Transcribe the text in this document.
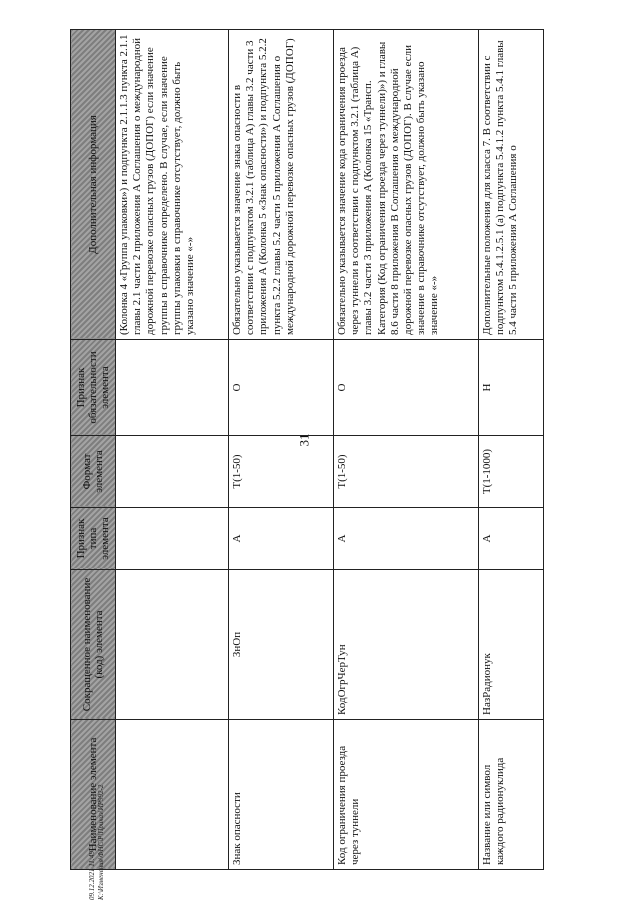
31
Наименование элемента	Сокращенное наименование (код) элемента	Признак типа элемента	Формат элемента	Признак обязательности элемента	Дополнительная информация
					(Колонка 4 «Группа упаковки») и подпункта 2.1.1.3 пункта 2.1.1 главы 2.1 части 2 приложения А Соглашения о международной дорожной перевозке опасных грузов (ДОПОГ) если значение группы в справочнике определено. В случае, если значение группы упаковки в справочнике отсутствует, должно быть указано значение «-»
Знак опасности	ЗнОп	А	Т(1-50)	О	Обязательно указывается значение знака опасности в соответствии с подпунктом 3.2.1 (таблица А) главы 3.2 части 3 приложения А (Колонка 5 «Знак опасности») и подпункта 5.2.2 пункта 5.2.2 главы 5.2 части 5 приложения А Соглашения о международной дорожной перевозке опасных грузов (ДОПОГ)
Код ограничения проезда через туннели	КодОгрЧерТун	А	Т(1-50)	О	Обязательно указывается значение кода ограничения проезда через туннели в соответствии с подпунктом 3.2.1 (таблица А) главы 3.2 части 3 приложения А (Колонка 15 «Трансп. Категория (Код ограничения проезда через туннели)») и главы 8.6 части 8 приложения В Соглашения о международной дорожной перевозке опасных грузов (ДОПОГ). В случае если значение в справочнике отсутствует, должно быть указано значение «-»
Название или символ каждого радионуклида	НазРадионук	А	Т(1-1000)	Н	Дополнительные положения для класса 7. В соответствии с подпунктом 5.4.1.2.5.1 (а) подпункта 5.4.1.2 пункта 5.4.1 главы 5.4 части 5 приложения А Соглашения о
09.12.2021 11:49 К:\Изменения\ФНС\Р\Приказ\ИР992-2
